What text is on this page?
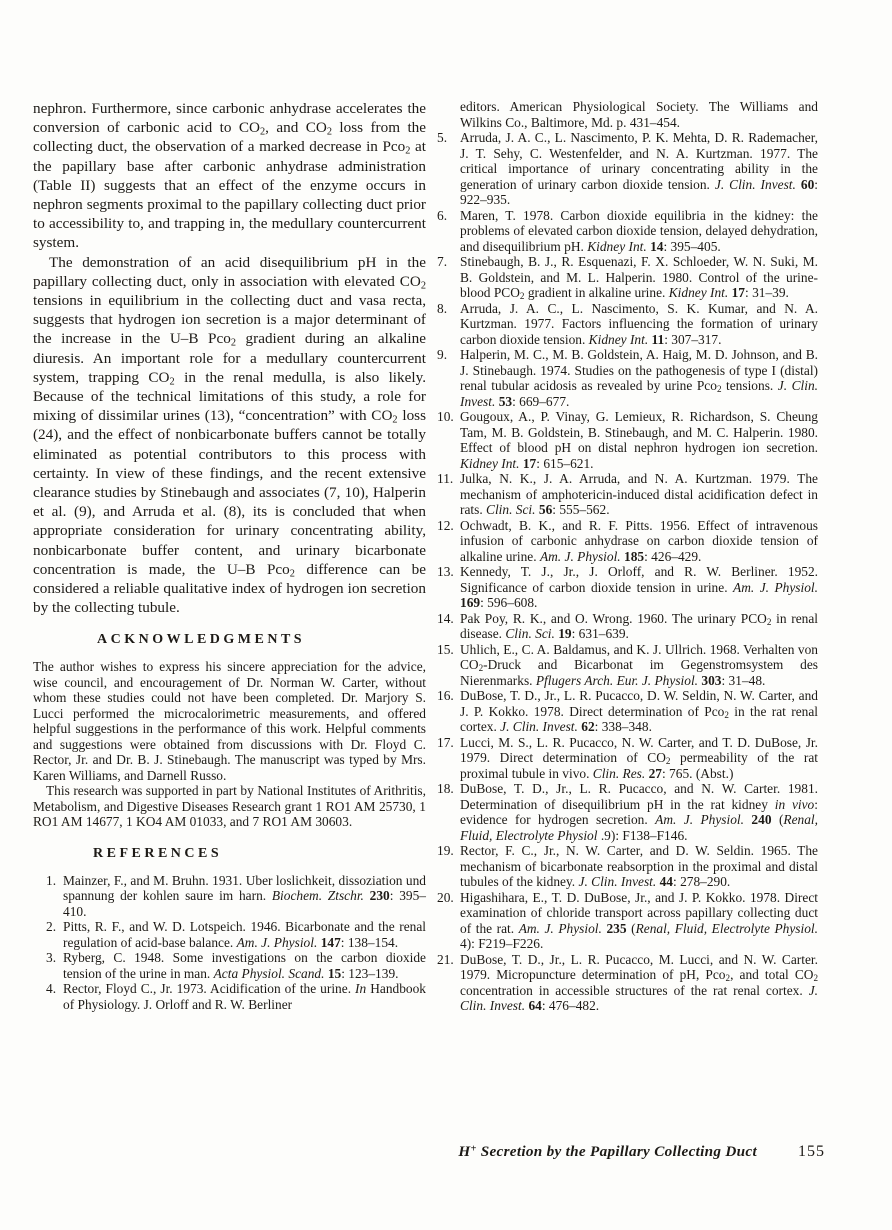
nephron. Furthermore, since carbonic anhydrase accelerates the conversion of carbonic acid to $CO_2$, and $CO_2$ loss from the collecting duct, the observation of a marked decrease in Pco$_2$ at the papillary base after carbonic anhydrase administration (Table II) suggests that an effect of the enzyme occurs in nephron segments proximal to the papillary collecting duct prior to accessibility to, and trapping in, the medullary countercurrent system.

The demonstration of an acid disequilibrium pH in the papillary collecting duct, only in association with elevated $CO_2$ tensions in equilibrium in the collecting duct and vasa recta, suggests that hydrogen ion secretion is a major determinant of the increase in the U–B Pco$_2$ gradient during an alkaline diuresis. An important role for a medullary countercurrent system, trapping $CO_2$ in the renal medulla, is also likely. Because of the technical limitations of this study, a role for mixing of dissimilar urines (13), “concentration” with $CO_2$ loss (24), and the effect of nonbicarbonate buffers cannot be totally eliminated as potential contributors to this process with certainty. In view of these findings, and the recent extensive clearance studies by Stinebaugh and associates (7, 10), Halperin et al. (9), and Arruda et al. (8), its is concluded that when appropriate consideration for urinary concentrating ability, nonbicarbonate buffer content, and urinary bicarbonate concentration is made, the U–B Pco$_2$ difference can be considered a reliable qualitative index of hydrogen ion secretion by the collecting tubule.

ACKNOWLEDGMENTS

The author wishes to express his sincere appreciation for the advice, wise council, and encouragement of Dr. Norman W. Carter, without whom these studies could not have been completed. Dr. Marjory S. Lucci performed the microcalorimetric measurements, and offered helpful suggestions in the performance of this work. Helpful comments and suggestions were obtained from discussions with Dr. Floyd C. Rector, Jr. and Dr. B. J. Stinebaugh. The manuscript was typed by Mrs. Karen Williams, and Darnell Russo.

This research was supported in part by National Institutes of Arithritis, Metabolism, and Digestive Diseases Research grant 1 RO1 AM 25730, 1 RO1 AM 14677, 1 KO4 AM 01033, and 7 RO1 AM 30603.

REFERENCES
1. Mainzer, F., and M. Bruhn. 1931. Uber loslichkeit, dissoziation und spannung der kohlen saure im harn. Biochem. Ztschr. 230: 395–410.
2. Pitts, R. F., and W. D. Lotspeich. 1946. Bicarbonate and the renal regulation of acid-base balance. Am. J. Physiol. 147: 138–154.
3. Ryberg, C. 1948. Some investigations on the carbon dioxide tension of the urine in man. Acta Physiol. Scand. 15: 123–139.
4. Rector, Floyd C., Jr. 1973. Acidification of the urine. In Handbook of Physiology. J. Orloff and R. W. Berliner

editors. American Physiological Society. The Williams and Wilkins Co., Baltimore, Md. p. 431–454.

5. Arruda, J. A. C., L. Nascimento, P. K. Mehta, D. R. Rademacher, J. T. Sehy, C. Westenfelder, and N. A. Kurtzman. 1977. The critical importance of urinary concentrating ability in the generation of urinary carbon dioxide tension. J. Clin. Invest. 60: 922–935.
6. Maren, T. 1978. Carbon dioxide equilibria in the kidney: the problems of elevated carbon dioxide tension, delayed dehydration, and disequilibrium pH. Kidney Int. 14: 395–405.
7. Stinebaugh, B. J., R. Esquenazi, F. X. Schloeder, W. N. Suki, M. B. Goldstein, and M. L. Halperin. 1980. Control of the urine-blood $PCO_2$ gradient in alkaline urine. Kidney Int. 17: 31–39.
8. Arruda, J. A. C., L. Nascimento, S. K. Kumar, and N. A. Kurtzman. 1977. Factors influencing the formation of urinary carbon dioxide tension. Kidney Int. 11: 307–317.
9. Halperin, M. C., M. B. Goldstein, A. Haig, M. D. Johnson, and B. J. Stinebaugh. 1974. Studies on the pathogenesis of type I (distal) renal tubular acidosis as revealed by urine Pco$_2$ tensions. J. Clin. Invest. 53: 669–677.
10. Gougoux, A., P. Vinay, G. Lemieux, R. Richardson, S. Cheung Tam, M. B. Goldstein, B. Stinebaugh, and M. C. Halperin. 1980. Effect of blood pH on distal nephron hydrogen ion secretion. Kidney Int. 17: 615–621.
11. Julka, N. K., J. A. Arruda, and N. A. Kurtzman. 1979. The mechanism of amphotericin-induced distal acidification defect in rats. Clin. Sci. 56: 555–562.
12. Ochwadt, B. K., and R. F. Pitts. 1956. Effect of intravenous infusion of carbonic anhydrase on carbon dioxide tension of alkaline urine. Am. J. Physiol. 185: 426–429.
13. Kennedy, T. J., Jr., J. Orloff, and R. W. Berliner. 1952. Significance of carbon dioxide tension in urine. Am. J. Physiol. 169: 596–608.
14. Pak Poy, R. K., and O. Wrong. 1960. The urinary $PCO_2$ in renal disease. Clin. Sci. 19: 631–639.
15. Uhlich, E., C. A. Baldamus, and K. J. Ullrich. 1968. Verhalten von $CO_2$-Druck and Bicarbonat im Gegenstromsystem des Nierenmarks. Pflugers Arch. Eur. J. Physiol. 303: 31–48.
16. DuBose, T. D., Jr., L. R. Pucacco, D. W. Seldin, N. W. Carter, and J. P. Kokko. 1978. Direct determination of Pco$_2$ in the rat renal cortex. J. Clin. Invest. 62: 338–348.
17. Lucci, M. S., L. R. Pucacco, N. W. Carter, and T. D. DuBose, Jr. 1979. Direct determination of $CO_2$ permeability of the rat proximal tubule in vivo. Clin. Res. 27: 765. (Abst.)
18. DuBose, T. D., Jr., L. R. Pucacco, and N. W. Carter. 1981. Determination of disequilibrium pH in the rat kidney in vivo: evidence for hydrogen secretion. Am. J. Physiol. 240 (Renal, Fluid, Electrolyte Physiol .9): F138–F146.
19. Rector, F. C., Jr., N. W. Carter, and D. W. Seldin. 1965. The mechanism of bicarbonate reabsorption in the proximal and distal tubules of the kidney. J. Clin. Invest. 44: 278–290.
20. Higashihara, E., T. D. DuBose, Jr., and J. P. Kokko. 1978. Direct examination of chloride transport across papillary collecting duct of the rat. Am. J. Physiol. 235 (Renal, Fluid, Electrolyte Physiol. 4): F219–F226.
21. DuBose, T. D., Jr., L. R. Pucacco, M. Lucci, and N. W. Carter. 1979. Micropuncture determination of pH, Pco$_2$, and total $CO_2$ concentration in accessible structures of the rat renal cortex. J. Clin. Invest. 64: 476–482.
H+ Secretion by the Papillary Collecting Duct	155
